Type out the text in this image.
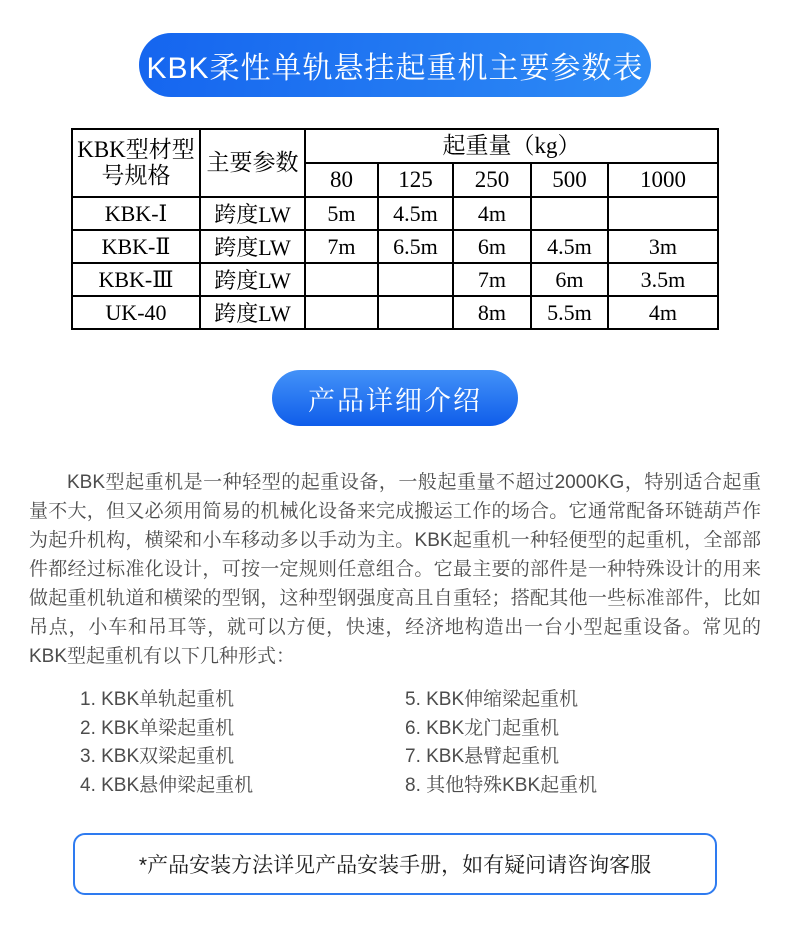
KBK柔性单轨悬挂起重机主要参数表
KBK型材型号规格	主要参数	起重量（kg）				
		80	125	250	500	1000
KBK-Ⅰ	跨度LW	5m	4.5m	4m		
KBK-Ⅱ	跨度LW	7m	6.5m	6m	4.5m	3m
KBK-Ⅲ	跨度LW			7m	6m	3.5m
UK-40	跨度LW			8m	5.5m	4m
产品详细介绍

KBK型起重机是一种轻型的起重设备，一般起重量不超过2000KG，特别适合起重量不大，但又必须用简易的机械化设备来完成搬运工作的场合。它通常配备环链葫芦作为起升机构，横梁和小车移动多以手动为主。KBK起重机一种轻便型的起重机，全部部件都经过标准化设计，可按一定规则任意组合。它最主要的部件是一种特殊设计的用来做起重机轨道和横梁的型钢，这种型钢强度高且自重轻；搭配其他一些标准部件，比如吊点，小车和吊耳等，就可以方便，快速，经济地构造出一台小型起重设备。常见的KBK型起重机有以下几种形式：

1. KBK单轨起重机
2. KBK单梁起重机
3. KBK双梁起重机
4. KBK悬伸梁起重机
5. KBK伸缩梁起重机
6. KBK龙门起重机
7. KBK悬臂起重机
8. 其他特殊KBK起重机
*产品安装方法详见产品安装手册，如有疑问请咨询客服
